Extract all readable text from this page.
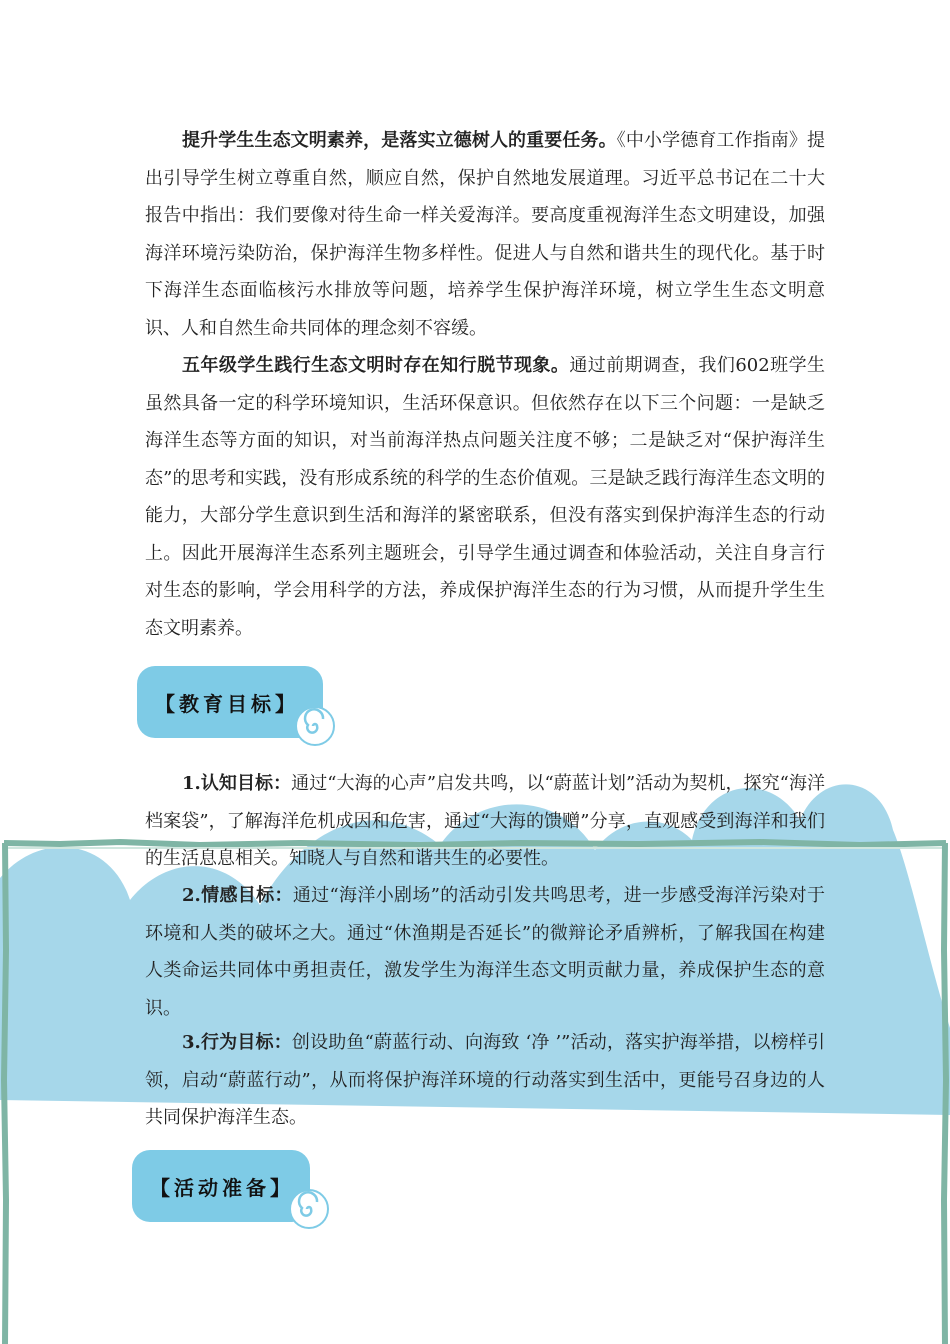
提升学生生态文明素养，是落实立德树人的重要任务。《中小学德育工作指南》提出引导学生树立尊重自然，顺应自然，保护自然地发展道理。习近平总书记在二十大报告中指出：我们要像对待生命一样关爱海洋。要高度重视海洋生态文明建设，加强海洋环境污染防治，保护海洋生物多样性。促进人与自然和谐共生的现代化。基于时下海洋生态面临核污水排放等问题，培养学生保护海洋环境，树立学生生态文明意识、人和自然生命共同体的理念刻不容缓。

五年级学生践行生态文明时存在知行脱节现象。通过前期调查，我们602班学生虽然具备一定的科学环境知识，生活环保意识。但依然存在以下三个问题：一是缺乏海洋生态等方面的知识，对当前海洋热点问题关注度不够；二是缺乏对“保护海洋生态”的思考和实践，没有形成系统的科学的生态价值观。三是缺乏践行海洋生态文明的能力，大部分学生意识到生活和海洋的紧密联系，但没有落实到保护海洋生态的行动上。因此开展海洋生态系列主题班会，引导学生通过调查和体验活动，关注自身言行对生态的影响，学会用科学的方法，养成保护海洋生态的行为习惯，从而提升学生生态文明素养。

【教育目标】

1.认知目标：通过“大海的心声”启发共鸣，以“蔚蓝计划”活动为契机，探究“海洋档案袋”，了解海洋危机成因和危害，通过“大海的馈赠”分享，直观感受到海洋和我们的生活息息相关。知晓人与自然和谐共生的必要性。

2.情感目标：通过“海洋小剧场”的活动引发共鸣思考，进一步感受海洋污染对于环境和人类的破坏之大。通过“休渔期是否延长”的微辩论矛盾辨析，了解我国在构建人类命运共同体中勇担责任，激发学生为海洋生态文明贡献力量，养成保护生态的意识。

3.行为目标：创设助鱼“蔚蓝行动、向海致 ‘净 ’”活动，落实护海举措，以榜样引领，启动“蔚蓝行动”，从而将保护海洋环境的行动落实到生活中，更能号召身边的人共同保护海洋生态。

【活动准备】
